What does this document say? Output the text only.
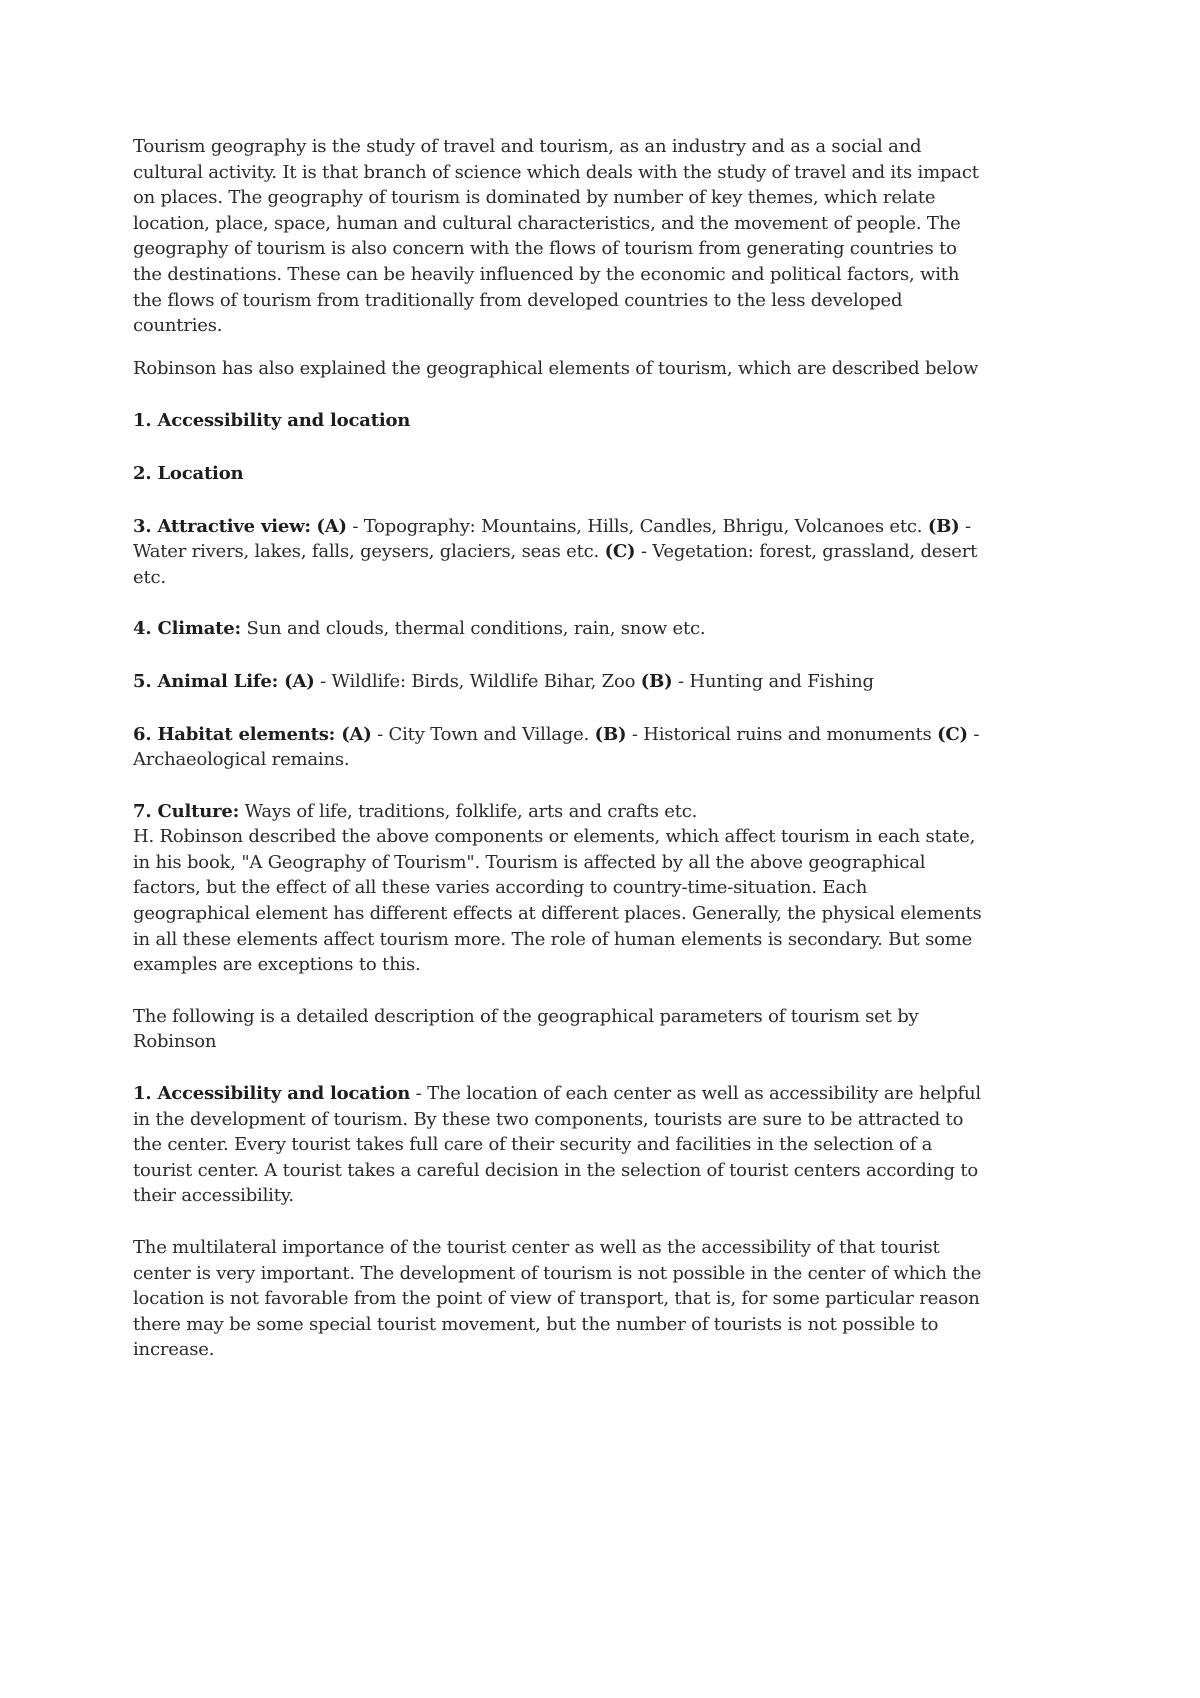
Tourism geography is the study of travel and tourism, as an industry and as a social and cultural activity. It is that branch of science which deals with the study of travel and its impact on places. The geography of tourism is dominated by number of key themes, which relate location, place, space, human and cultural characteristics, and the movement of people. The geography of tourism is also concern with the flows of tourism from generating countries to the destinations. These can be heavily influenced by the economic and political factors, with the flows of tourism from traditionally from developed countries to the less developed countries.

Robinson has also explained the geographical elements of tourism, which are described below

1. Accessibility and location

2. Location

3. Attractive view: (A) - Topography: Mountains, Hills, Candles, Bhrigu, Volcanoes etc. (B) - Water rivers, lakes, falls, geysers, glaciers, seas etc. (C) - Vegetation: forest, grassland, desert etc.

4. Climate: Sun and clouds, thermal conditions, rain, snow etc.

5. Animal Life: (A) - Wildlife: Birds, Wildlife Bihar, Zoo (B) - Hunting and Fishing

6. Habitat elements: (A) - City Town and Village. (B) - Historical ruins and monuments (C) - Archaeological remains.

7. Culture: Ways of life, traditions, folklife, arts and crafts etc.

H. Robinson described the above components or elements, which affect tourism in each state, in his book, "A Geography of Tourism". Tourism is affected by all the above geographical factors, but the effect of all these varies according to country-time-situation. Each geographical element has different effects at different places. Generally, the physical elements in all these elements affect tourism more. The role of human elements is secondary. But some examples are exceptions to this.

The following is a detailed description of the geographical parameters of tourism set by Robinson

1. Accessibility and location - The location of each center as well as accessibility are helpful in the development of tourism. By these two components, tourists are sure to be attracted to the center. Every tourist takes full care of their security and facilities in the selection of a tourist center. A tourist takes a careful decision in the selection of tourist centers according to their accessibility.

The multilateral importance of the tourist center as well as the accessibility of that tourist center is very important. The development of tourism is not possible in the center of which the location is not favorable from the point of view of transport, that is, for some particular reason there may be some special tourist movement, but the number of tourists is not possible to increase.
